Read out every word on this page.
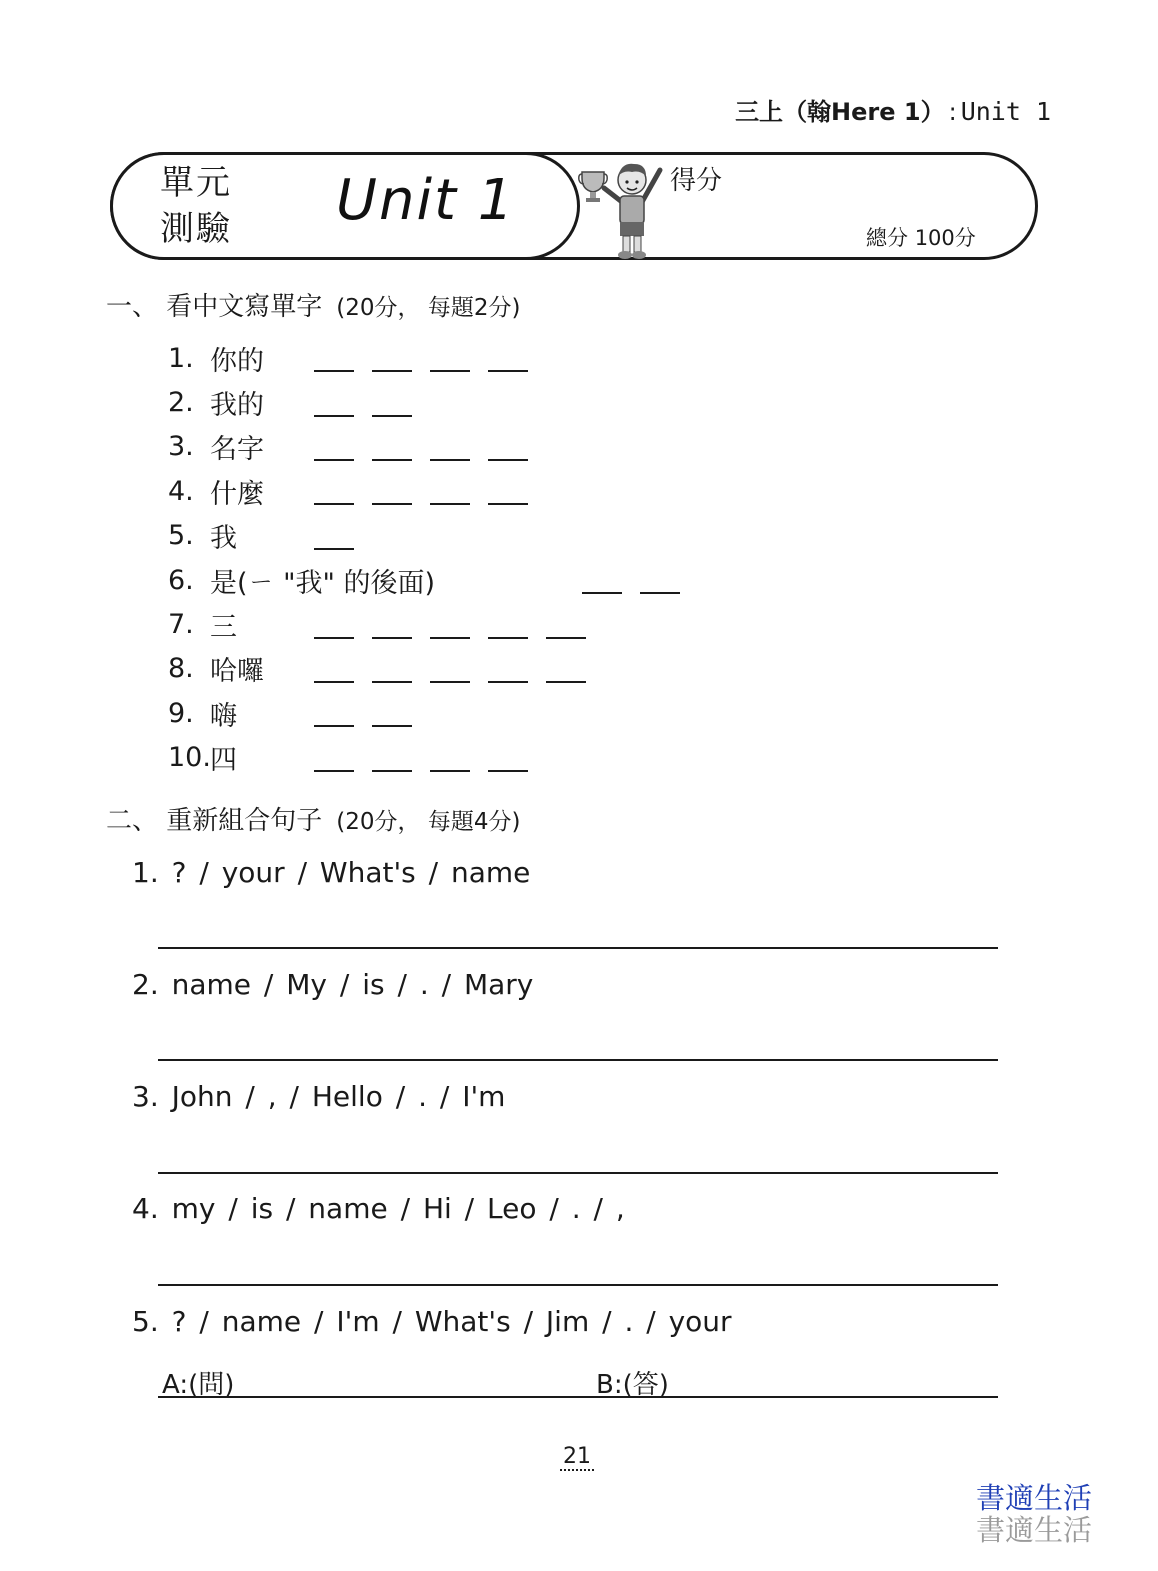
三上（翰Here 1） : Unit 1
單元
測驗 Unit 1	得分
總分 100分
一、 看中文寫單字 (20分， 每題2分)
1. 你的
2. 我的
3. 名字
4. 什麼
5. 我
6. 是(ㄧ "我" 的後面)
7. 三
8. 哈囉
9. 嗨
10. 四
二、 重新組合句子 (20分， 每題4分)
1. ? / your / What's / name
2. name / My / is / . / Mary
3. John / , / Hello / . / I'm
4. my / is / name / Hi / Leo / . / ,
5. ? / name / I'm / What's / Jim / . / your
A:(問)	B:(答)
21
書適生活
書適生活
